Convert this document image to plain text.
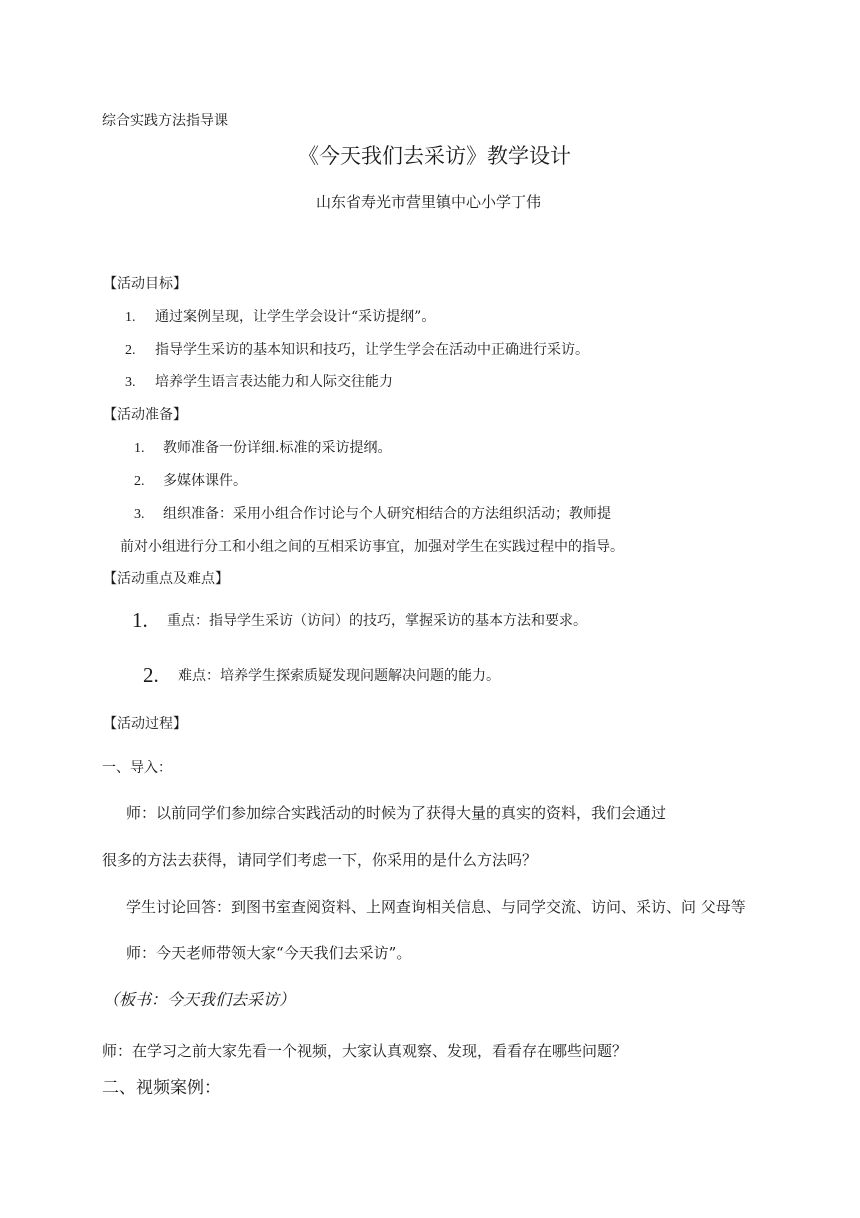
综合实践方法指导课
《今天我们去采访》教学设计
山东省寿光市营里镇中心小学丁伟
【活动目标】
1. 通过案例呈现，让学生学会设计“采访提纲”。
2. 指导学生采访的基本知识和技巧，让学生学会在活动中正确进行采访。
3. 培养学生语言表达能力和人际交往能力
【活动准备】
1. 教师准备一份详细.标准的采访提纲。
2. 多媒体课件。
3. 组织准备：采用小组合作讨论与个人研究相结合的方法组织活动；教师提
前对小组进行分工和小组之间的互相采访事宜，加强对学生在实践过程中的指导。
【活动重点及难点】
1. 重点：指导学生采访（访问）的技巧，掌握采访的基本方法和要求。
2. 难点：培养学生探索质疑发现问题解决问题的能力。
【活动过程】
一、导入：
师：以前同学们参加综合实践活动的时候为了获得大量的真实的资料，我们会通过
很多的方法去获得，请同学们考虑一下，你采用的是什么方法吗？
学生讨论回答：到图书室查阅资料、上网查询相关信息、与同学交流、访问、采访、问 父母等
师：今天老师带领大家“今天我们去采访”。
（板书：今天我们去采访）
师：在学习之前大家先看一个视频，大家认真观察、发现，看看存在哪些问题？
二、视频案例：
